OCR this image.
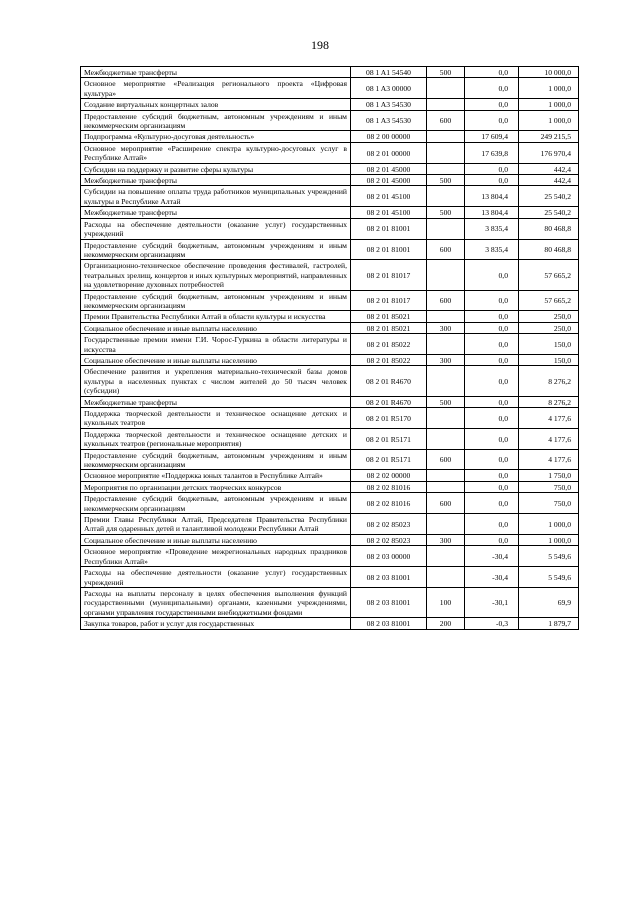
198
Межбюджетные трансферты	08 1 A1 54540	500	0,0	10 000,0
Основное мероприятие «Реализация регионального проекта «Цифровая культура»	08 1 A3 00000		0,0	1 000,0
Создание виртуальных концертных залов	08 1 A3 54530		0,0	1 000,0
Предоставление субсидий бюджетным, автономным учреждениям и иным некоммерческим организациям	08 1 A3 54530	600	0,0	1 000,0
Подпрограмма «Культурно-досуговая деятельность»	08 2 00 00000		17 609,4	249 215,5
Основное мероприятие «Расширение спектра культурно-досуговых услуг в Республике Алтай»	08 2 01 00000		17 639,8	176 970,4
Субсидии на поддержку и развитие сферы культуры	08 2 01 45000		0,0	442,4
Межбюджетные трансферты	08 2 01 45000	500	0,0	442,4
Субсидии на повышение оплаты труда работников муниципальных учреждений культуры в Республике Алтай	08 2 01 45100		13 804,4	25 540,2
Межбюджетные трансферты	08 2 01 45100	500	13 804,4	25 540,2
Расходы на обеспечение деятельности (оказание услуг) государственных учреждений	08 2 01 81001		3 835,4	80 468,8
Предоставление субсидий бюджетным, автономным учреждениям и иным некоммерческим организациям	08 2 01 81001	600	3 835,4	80 468,8
Организационно-техническое обеспечение проведения фестивалей, гастролей, театральных зрелищ, концертов и иных культурных мероприятий, направленных на удовлетворение духовных потребностей	08 2 01 81017		0,0	57 665,2
Предоставление субсидий бюджетным, автономным учреждениям и иным некоммерческим организациям	08 2 01 81017	600	0,0	57 665,2
Премии Правительства Республики Алтай в области культуры и искусства	08 2 01 85021		0,0	250,0
Социальное обеспечение и иные выплаты населению	08 2 01 85021	300	0,0	250,0
Государственные премии имени Г.И. Чорос-Гуркина в области литературы и искусства	08 2 01 85022		0,0	150,0
Социальное обеспечение и иные выплаты населению	08 2 01 85022	300	0,0	150,0
Обеспечение развития и укрепления материально-технической базы домов культуры в населенных пунктах с числом жителей до 50 тысяч человек (субсидии)	08 2 01 R4670		0,0	8 276,2
Межбюджетные трансферты	08 2 01 R4670	500	0,0	8 276,2
Поддержка творческой деятельности и техническое оснащение детских и кукольных театров	08 2 01 R5170		0,0	4 177,6
Поддержка творческой деятельности и техническое оснащение детских и кукольных театров (региональные мероприятия)	08 2 01 R5171		0,0	4 177,6
Предоставление субсидий бюджетным, автономным учреждениям и иным некоммерческим организациям	08 2 01 R5171	600	0,0	4 177,6
Основное мероприятие «Поддержка юных талантов в Республике Алтай»	08 2 02 00000		0,0	1 750,0
Мероприятия по организации детских творческих конкурсов	08 2 02 81016		0,0	750,0
Предоставление субсидий бюджетным, автономным учреждениям и иным некоммерческим организациям	08 2 02 81016	600	0,0	750,0
Премии Главы Республики Алтай, Председателя Правительства Республики Алтай для одаренных детей и талантливой молодежи Республики Алтай	08 2 02 85023		0,0	1 000,0
Социальное обеспечение и иные выплаты населению	08 2 02 85023	300	0,0	1 000,0
Основное мероприятие «Проведение межрегиональных народных праздников Республики Алтай»	08 2 03 00000		-30,4	5 549,6
Расходы на обеспечение деятельности (оказание услуг) государственных учреждений	08 2 03 81001		-30,4	5 549,6
Расходы на выплаты персоналу в целях обеспечения выполнения функций государственными (муниципальными) органами, казенными учреждениями, органами управления государственными внебюджетными фондами	08 2 03 81001	100	-30,1	69,9
Закупка товаров, работ и услуг для государственных	08 2 03 81001	200	-0,3	1 879,7
